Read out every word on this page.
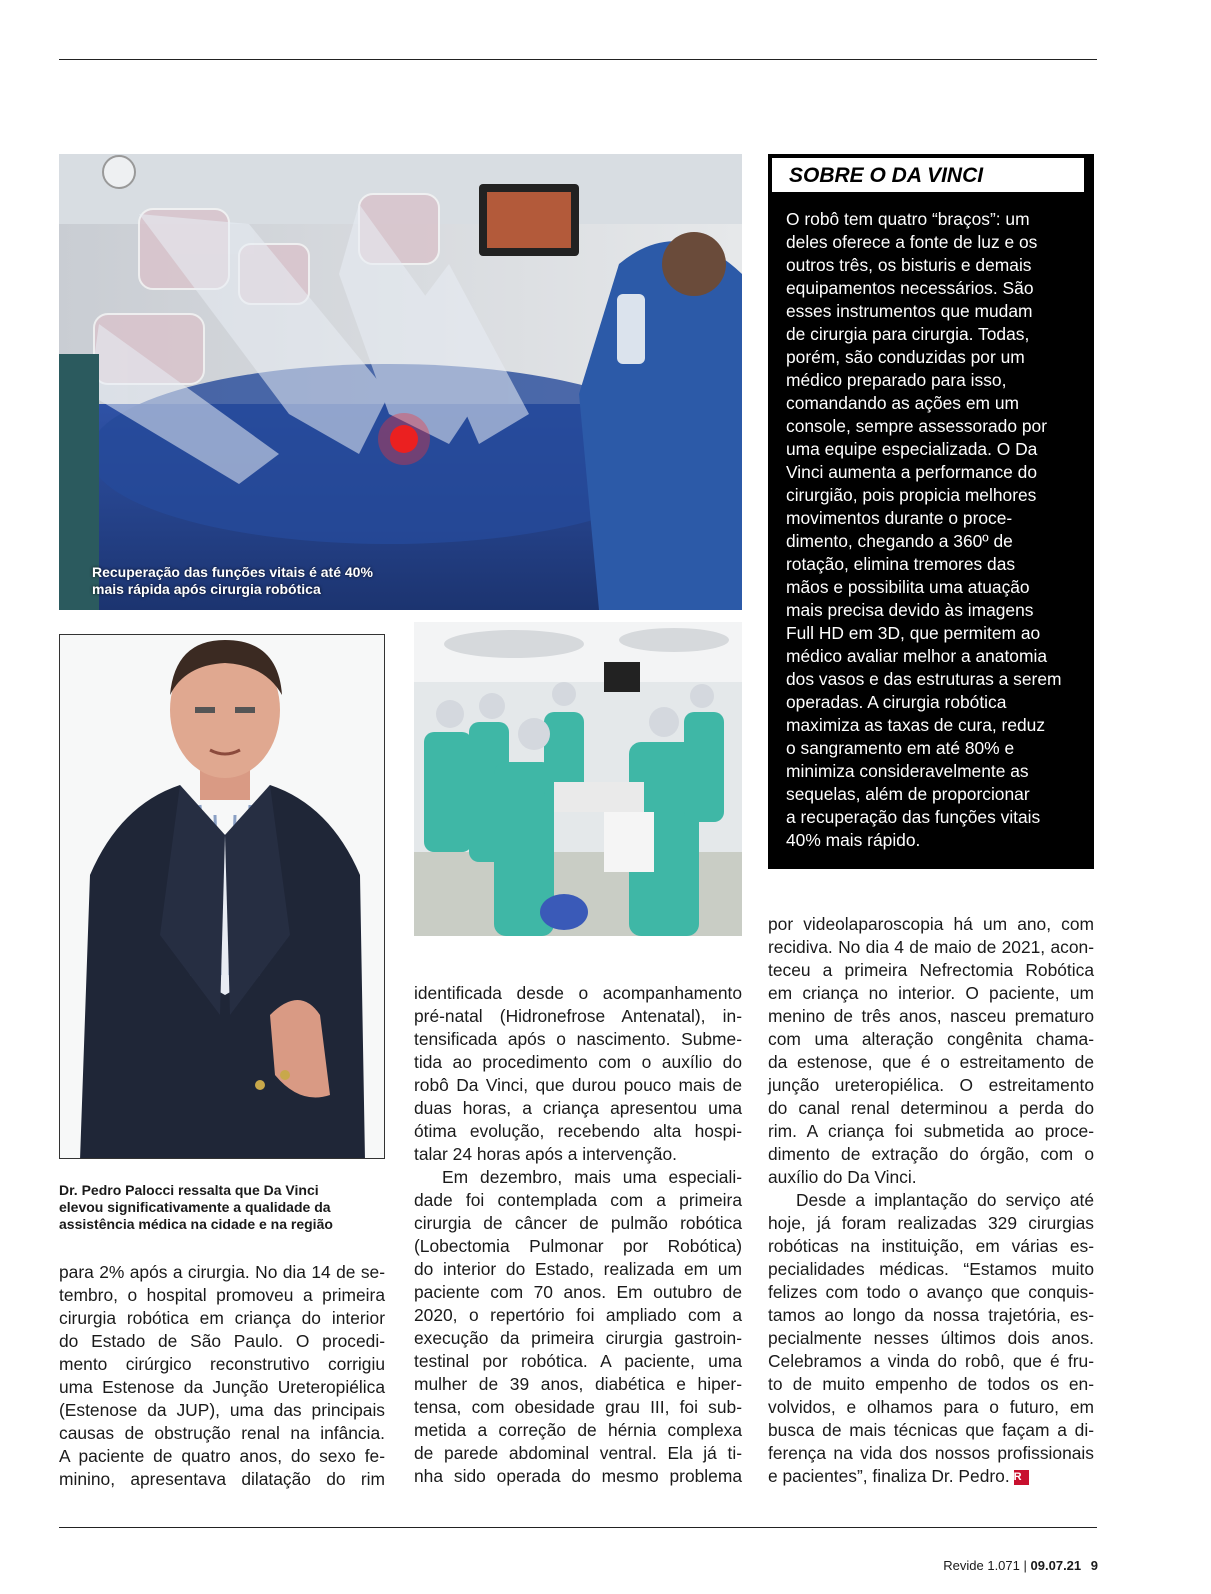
Recuperação das funções vitais é até 40%
mais rápida após cirurgia robótica

Dr. Pedro Palocci ressalta que Da Vinci
elevou significativamente a qualidade da
assistência médica na cidade e na região

SOBRE O DA VINCI
O robô tem quatro “braços”: um
deles oferece a fonte de luz e os
outros três, os bisturis e demais
equipamentos necessários. São
esses instrumentos que mudam
de cirurgia para cirurgia. Todas,
porém, são conduzidas por um
médico preparado para isso,
comandando as ações em um
console, sempre assessorado por
uma equipe especializada. O Da
Vinci aumenta a performance do
cirurgião, pois propicia melhores
movimentos durante o proce-
dimento, chegando a 360º de
rotação, elimina tremores das
mãos e possibilita uma atuação
mais precisa devido às imagens
Full HD em 3D, que permitem ao
médico avaliar melhor a anatomia
dos vasos e das estruturas a serem
operadas. A cirurgia robótica
maximiza as taxas de cura, reduz
o sangramento em até 80% e
minimiza consideravelmente as
sequelas, além de proporcionar
a recuperação das funções vitais
40% mais rápido.

para 2% após a cirurgia. No dia 14 de se-

tembro, o hospital promoveu a primeira

cirurgia robótica em criança do interior

do Estado de São Paulo. O procedi-

mento cirúrgico reconstrutivo corrigiu

uma Estenose da Junção Ureteropiélica

(Estenose da JUP), uma das principais

causas de obstrução renal na infância.

A paciente de quatro anos, do sexo fe-

minino, apresentava dilatação do rim

identificada desde o acompanhamento

pré-natal (Hidronefrose Antenatal), in-

tensificada após o nascimento. Subme-

tida ao procedimento com o auxílio do

robô Da Vinci, que durou pouco mais de

duas horas, a criança apresentou uma

ótima evolução, recebendo alta hospi-

talar 24 horas após a intervenção.

Em dezembro, mais uma especiali-

dade foi contemplada com a primeira

cirurgia de câncer de pulmão robótica

(Lobectomia Pulmonar por Robótica)

do interior do Estado, realizada em um

paciente com 70 anos. Em outubro de

2020, o repertório foi ampliado com a

execução da primeira cirurgia gastroin-

testinal por robótica. A paciente, uma

mulher de 39 anos, diabética e hiper-

tensa, com obesidade grau III, foi sub-

metida a correção de hérnia complexa

de parede abdominal ventral. Ela já ti-

nha sido operada do mesmo problema

por videolaparoscopia há um ano, com

recidiva. No dia 4 de maio de 2021, acon-

teceu a primeira Nefrectomia Robótica

em criança no interior. O paciente, um

menino de três anos, nasceu prematuro

com uma alteração congênita chama-

da estenose, que é o estreitamento de

junção ureteropiélica. O estreitamento

do canal renal determinou a perda do

rim. A criança foi submetida ao proce-

dimento de extração do órgão, com o

auxílio do Da Vinci.

Desde a implantação do serviço até

hoje, já foram realizadas 329 cirurgias

robóticas na instituição, em várias es-

pecialidades médicas. “Estamos muito

felizes com todo o avanço que conquis-

tamos ao longo da nossa trajetória, es-

pecialmente nesses últimos dois anos.

Celebramos a vinda do robô, que é fru-

to de muito empenho de todos os en-

volvidos, e olhamos para o futuro, em

busca de mais técnicas que façam a di-

ferença na vida dos nossos profissionais

e pacientes”, finaliza Dr. Pedro. R

Revide 1.071 | 09.07.21 9
